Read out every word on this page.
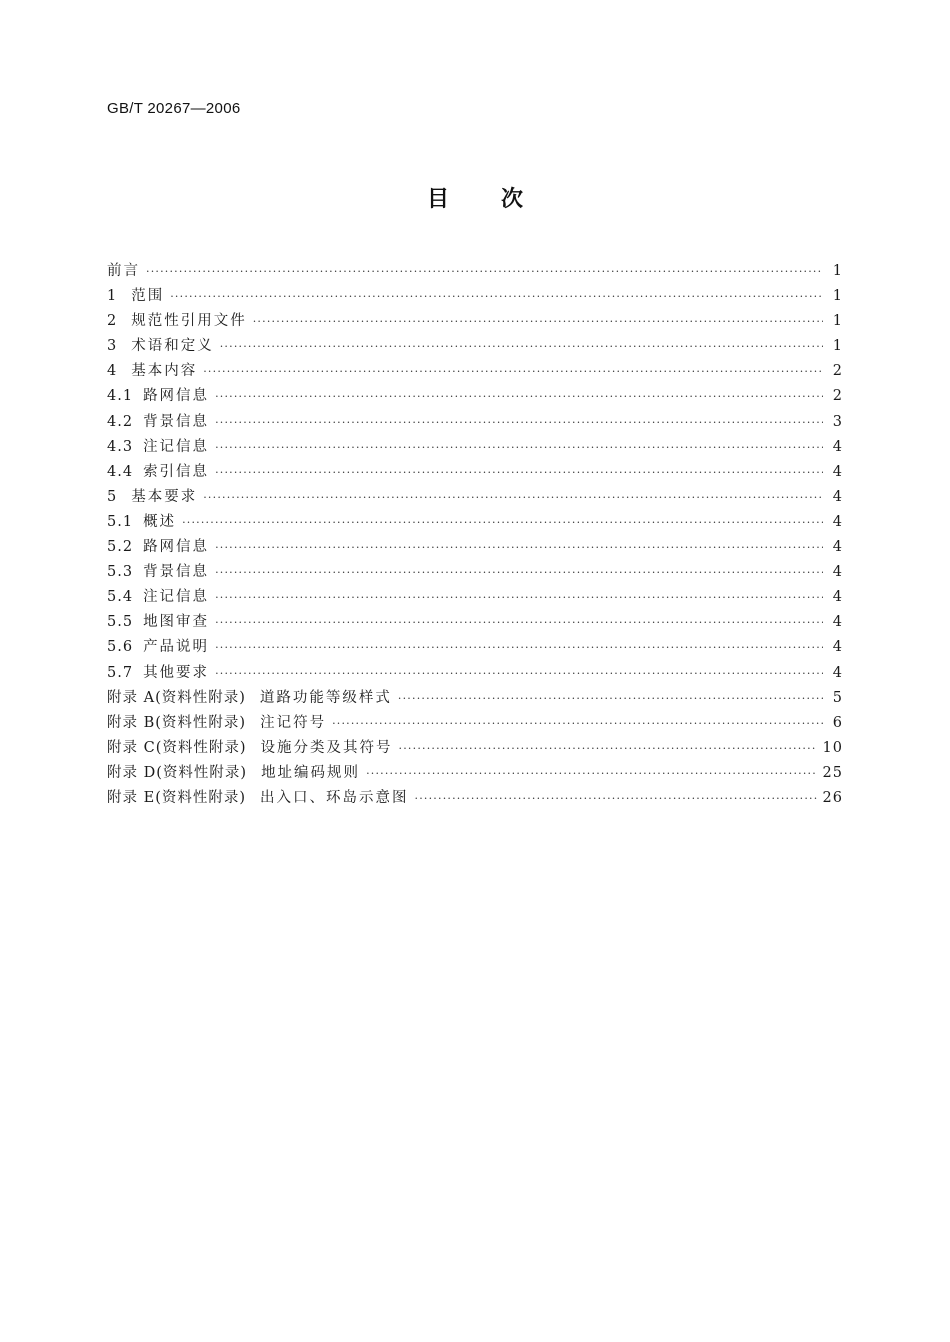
GB/T 20267—2006
目次
前言 ·····	1
1 范围 ·····	1
2 规范性引用文件 ·····	1
3 术语和定义 ·····	1
4 基本内容 ·····	2
4.1 路网信息 ·····	2
4.2 背景信息 ·····	3
4.3 注记信息 ·····	4
4.4 索引信息 ·····	4
5 基本要求 ·····	4
5.1 概述 ·····	4
5.2 路网信息 ·····	4
5.3 背景信息 ·····	4
5.4 注记信息 ·····	4
5.5 地图审查 ·····	4
5.6 产品说明 ·····	4
5.7 其他要求 ·····	4
附录 A(资料性附录) 道路功能等级样式 ·····	5
附录 B(资料性附录) 注记符号 ·····	6
附录 C(资料性附录) 设施分类及其符号 ·····	10
附录 D(资料性附录) 地址编码规则 ·····	25
附录 E(资料性附录) 出入口、环岛示意图 ·····	26
